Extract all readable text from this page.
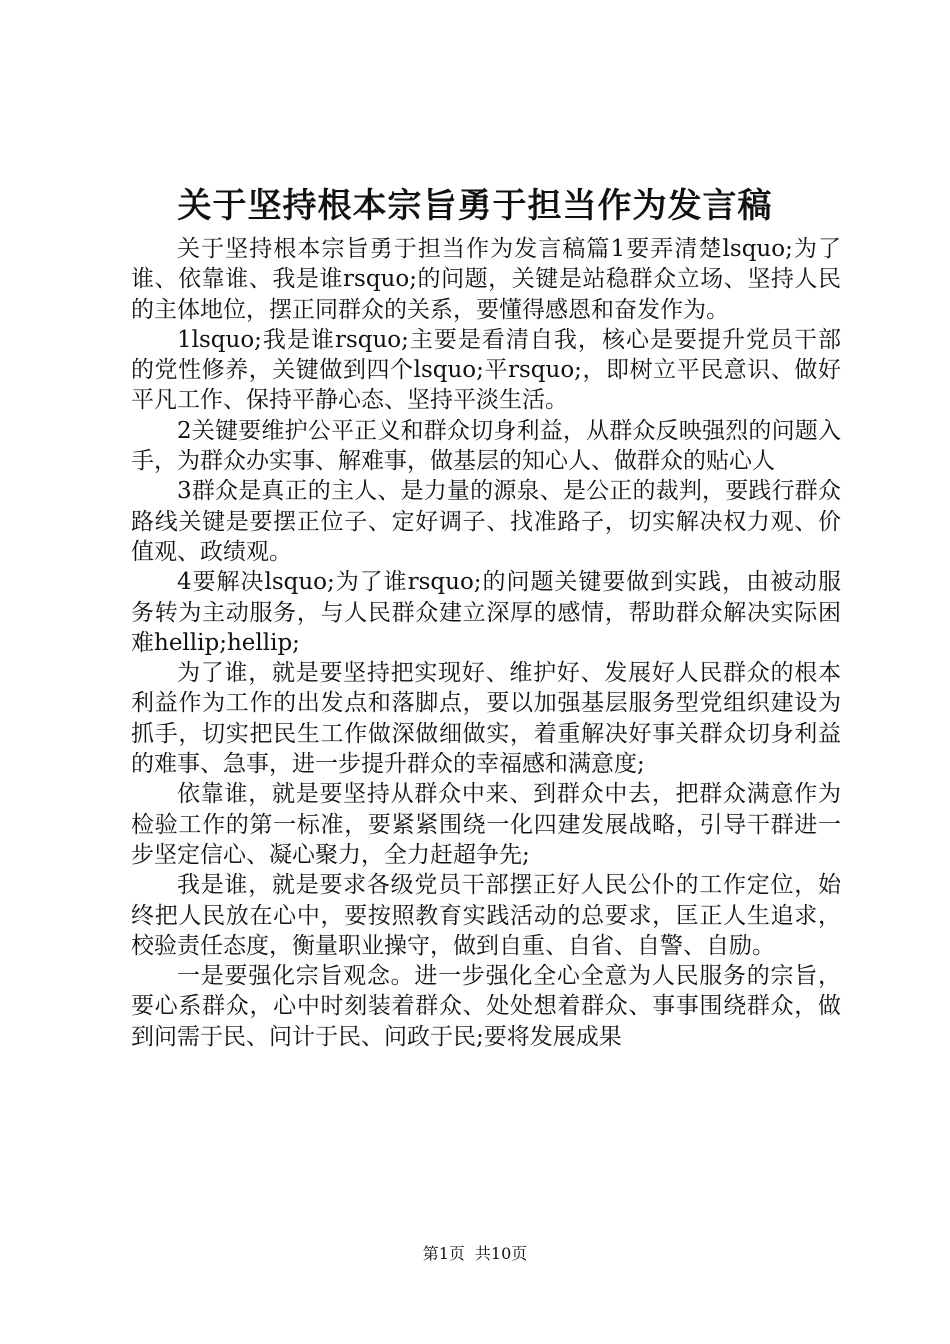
关于坚持根本宗旨勇于担当作为发言稿

关于坚持根本宗旨勇于担当作为发言稿篇1要弄清楚lsquo;为了谁、依靠谁、我是谁rsquo;的问题，关键是站稳群众立场、坚持人民的主体地位，摆正同群众的关系，要懂得感恩和奋发作为。

1lsquo;我是谁rsquo;主要是看清自我，核心是要提升党员干部的党性修养，关键做到四个lsquo;平rsquo;，即树立平民意识、做好平凡工作、保持平静心态、坚持平淡生活。

2关键要维护公平正义和群众切身利益，从群众反映强烈的问题入手，为群众办实事、解难事，做基层的知心人、做群众的贴心人

3群众是真正的主人、是力量的源泉、是公正的裁判，要践行群众路线关键是要摆正位子、定好调子、找准路子，切实解决权力观、价值观、政绩观。

4要解决lsquo;为了谁rsquo;的问题关键要做到实践，由被动服务转为主动服务，与人民群众建立深厚的感情，帮助群众解决实际困难hellip;hellip;

为了谁，就是要坚持把实现好、维护好、发展好人民群众的根本利益作为工作的出发点和落脚点，要以加强基层服务型党组织建设为抓手，切实把民生工作做深做细做实，着重解决好事关群众切身利益的难事、急事，进一步提升群众的幸福感和满意度;

依靠谁，就是要坚持从群众中来、到群众中去，把群众满意作为检验工作的第一标准，要紧紧围绕一化四建发展战略，引导干群进一步坚定信心、凝心聚力，全力赶超争先;

我是谁，就是要求各级党员干部摆正好人民公仆的工作定位，始终把人民放在心中，要按照教育实践活动的总要求，匡正人生追求，校验责任态度，衡量职业操守，做到自重、自省、自警、自励。

一是要强化宗旨观念。进一步强化全心全意为人民服务的宗旨，要心系群众，心中时刻装着群众、处处想着群众、事事围绕群众，做到问需于民、问计于民、问政于民;要将发展成果

第1页 共10页
